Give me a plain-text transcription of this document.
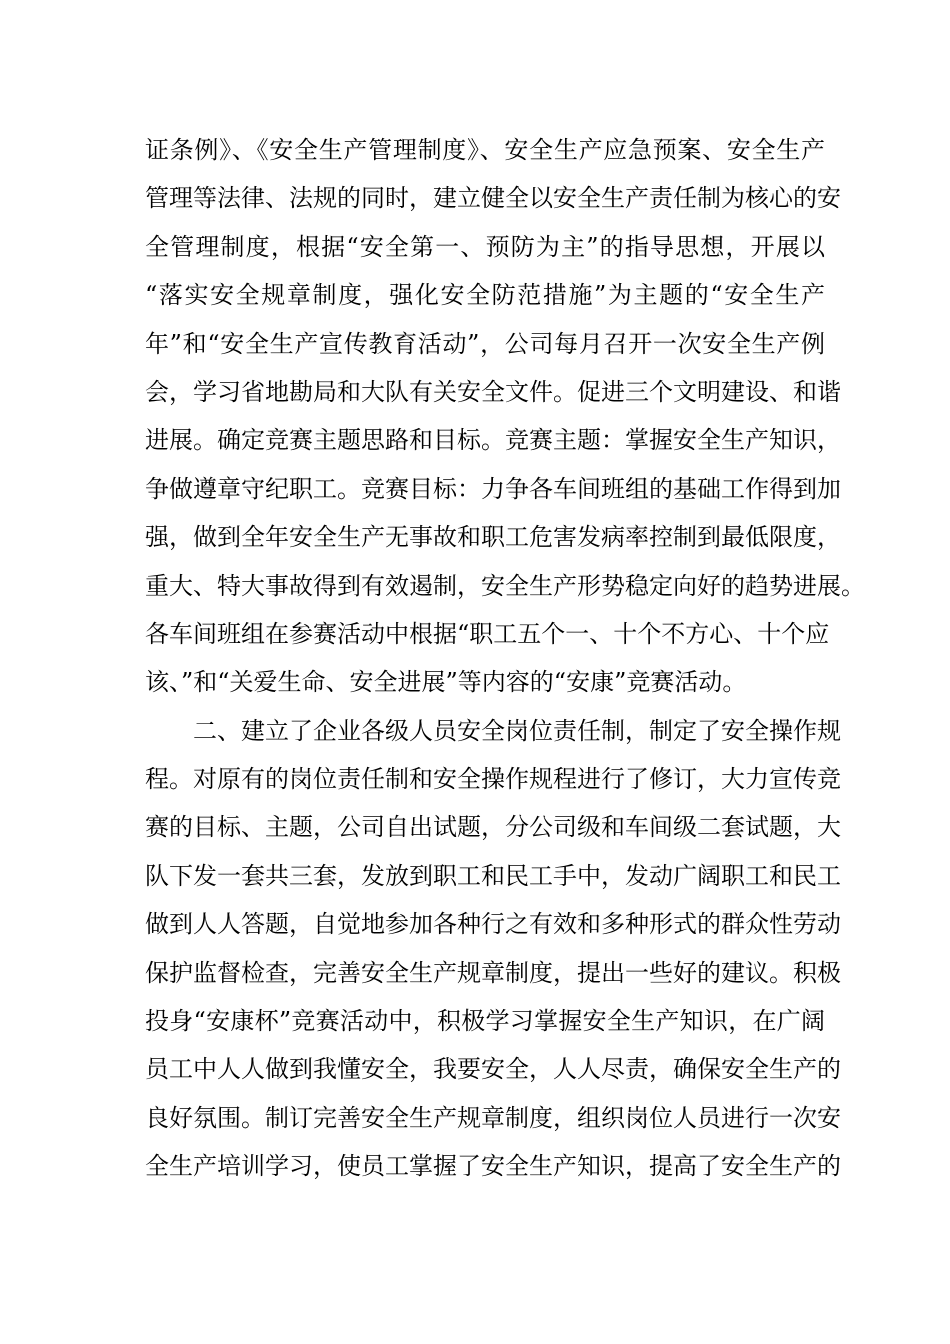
证条例》、《安全生产管理制度》、安全生产应急预案、安全生产
管理等法律、法规的同时，建立健全以安全生产责任制为核心的安
全管理制度，根据“安全第一、预防为主”的指导思想，开展以
“落实安全规章制度，强化安全防范措施”为主题的“安全生产
年”和“安全生产宣传教育活动”，公司每月召开一次安全生产例
会，学习省地勘局和大队有关安全文件。促进三个文明建设、和谐
进展。确定竞赛主题思路和目标。竞赛主题：掌握安全生产知识，
争做遵章守纪职工。竞赛目标：力争各车间班组的基础工作得到加
强，做到全年安全生产无事故和职工危害发病率控制到最低限度，
重大、特大事故得到有效遏制，安全生产形势稳定向好的趋势进展。
各车间班组在参赛活动中根据“职工五个一、十个不方心、十个应
该、”和“关爱生命、安全进展”等内容的“安康”竞赛活动。
二、建立了企业各级人员安全岗位责任制，制定了安全操作规
程。对原有的岗位责任制和安全操作规程进行了修订，大力宣传竞
赛的目标、主题，公司自出试题，分公司级和车间级二套试题，大
队下发一套共三套，发放到职工和民工手中，发动广阔职工和民工
做到人人答题，自觉地参加各种行之有效和多种形式的群众性劳动
保护监督检查，完善安全生产规章制度，提出一些好的建议。积极
投身“安康杯”竞赛活动中，积极学习掌握安全生产知识，在广阔
员工中人人做到我懂安全，我要安全，人人尽责，确保安全生产的
良好氛围。制订完善安全生产规章制度，组织岗位人员进行一次安
全生产培训学习，使员工掌握了安全生产知识，提高了安全生产的
